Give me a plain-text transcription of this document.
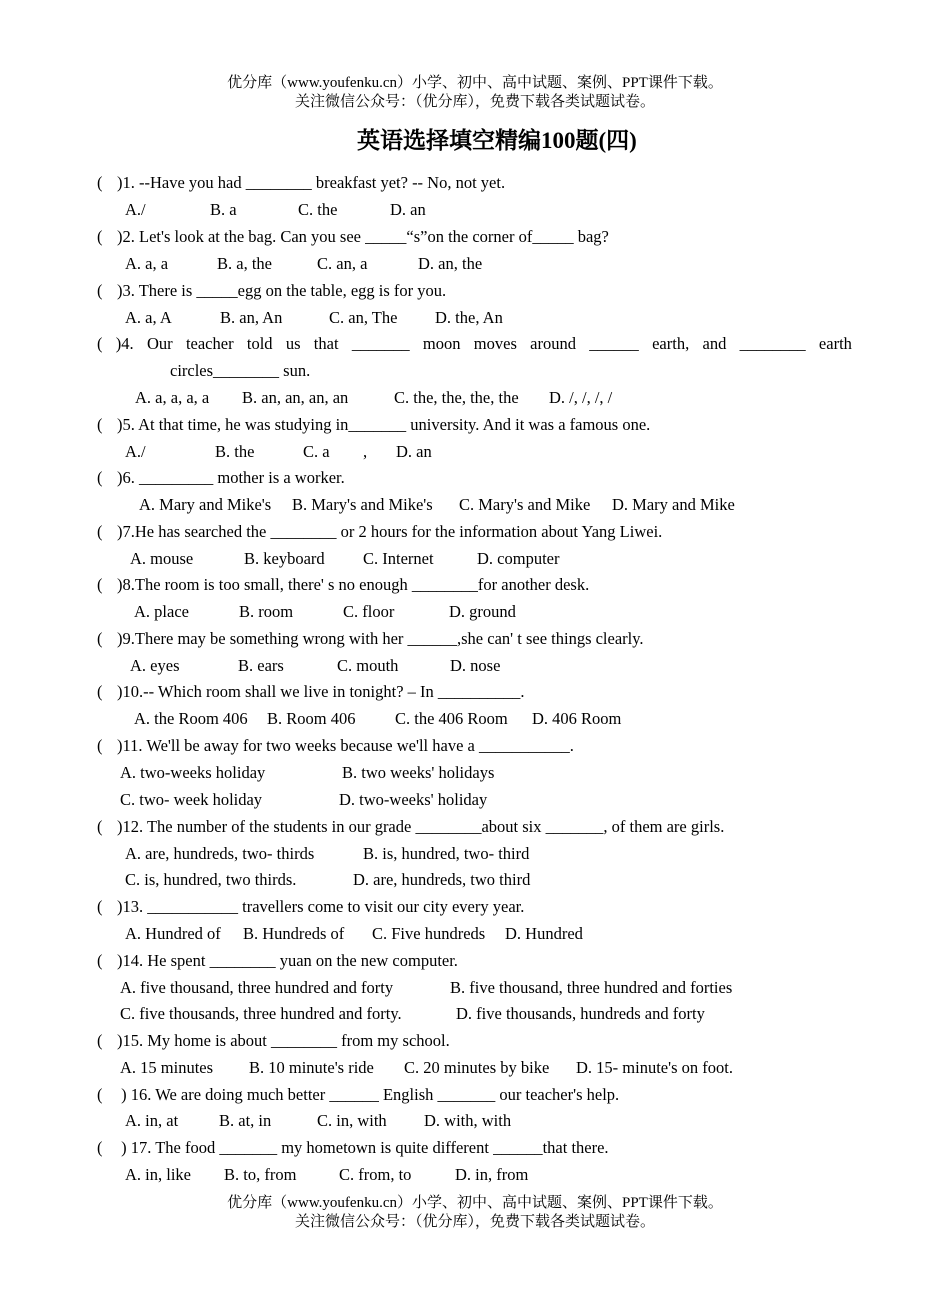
优分库（www.youfenku.cn）小学、初中、高中试题、案例、PPT课件下载。
关注微信公众号：（优分库），免费下载各类试题试卷。
英语选择填空精编100题(四)
( )1. --Have you had ________ breakfast yet? -- No, not yet.
A./	B. a	C. the	D. an
( )2. Let's look at the bag. Can you see _____“s”on the corner of_____ bag?
A. a, a	B. a, the	C. an, a	D. an, the
( )3. There is _____egg on the table, egg is for you.
A. a, A	B. an, An	C. an, The D. the, An
( )4. Our teacher told us that _______ moon moves around ______ earth, and ________ earth
circles________ sun.
A. a, a, a, a B. an, an, an, an	C. the, the, the, the D. /, /, /, /
( )5. At that time, he was studying in_______ university. And it was a famous one.
A./	B. the	C. a , D. an
( )6. _________ mother is a worker.
A. Mary and Mike's B. Mary's and Mike's C. Mary's and Mike D. Mary and Mike
( )7.He has searched the ________ or 2 hours for the information about Yang Liwei.
A. mouse	B. keyboard C. Internet	D. computer
( )8.The room is too small, there' s no enough ________for another desk.
A. place	B. room	C. floor	D. ground
( )9.There may be something wrong with her ______,she can' t see things clearly.
A. eyes	B. ears	C. mouth	D. nose
( )10.-- Which room shall we live in tonight? – In __________.
A. the Room 406 B. Room 406 C. the 406 Room D. 406 Room
( )11. We'll be away for two weeks because we'll have a ___________.
A. two-weeks holiday	B. two weeks' holidays
C. two- week holiday	D. two-weeks' holiday
( )12. The number of the students in our grade ________about six _______, of them are girls.
A. are, hundreds, two- thirds	B. is, hundred, two- third
C. is, hundred, two thirds.	D. are, hundreds, two third
( )13. ___________ travellers come to visit our city every year.
A. Hundred of B. Hundreds of C. Five hundreds D. Hundred
( )14. He spent ________ yuan on the new computer.
A. five thousand, three hundred and forty	B. five thousand, three hundred and forties
C. five thousands, three hundred and forty.	D. five thousands, hundreds and forty
( )15. My home is about ________ from my school.
A. 15 minutes B. 10 minute's ride C. 20 minutes by bike D. 15- minute's on foot.
( ) 16. We are doing much better ______ English _______ our teacher's help.
A. in, at B. at, in	C. in, with D. with, with
( ) 17. The food _______ my hometown is quite different ______that there.
A. in, like B. to, from	C. from, to	D. in, from
优分库（www.youfenku.cn）小学、初中、高中试题、案例、PPT课件下载。
关注微信公众号：（优分库），免费下载各类试题试卷。
